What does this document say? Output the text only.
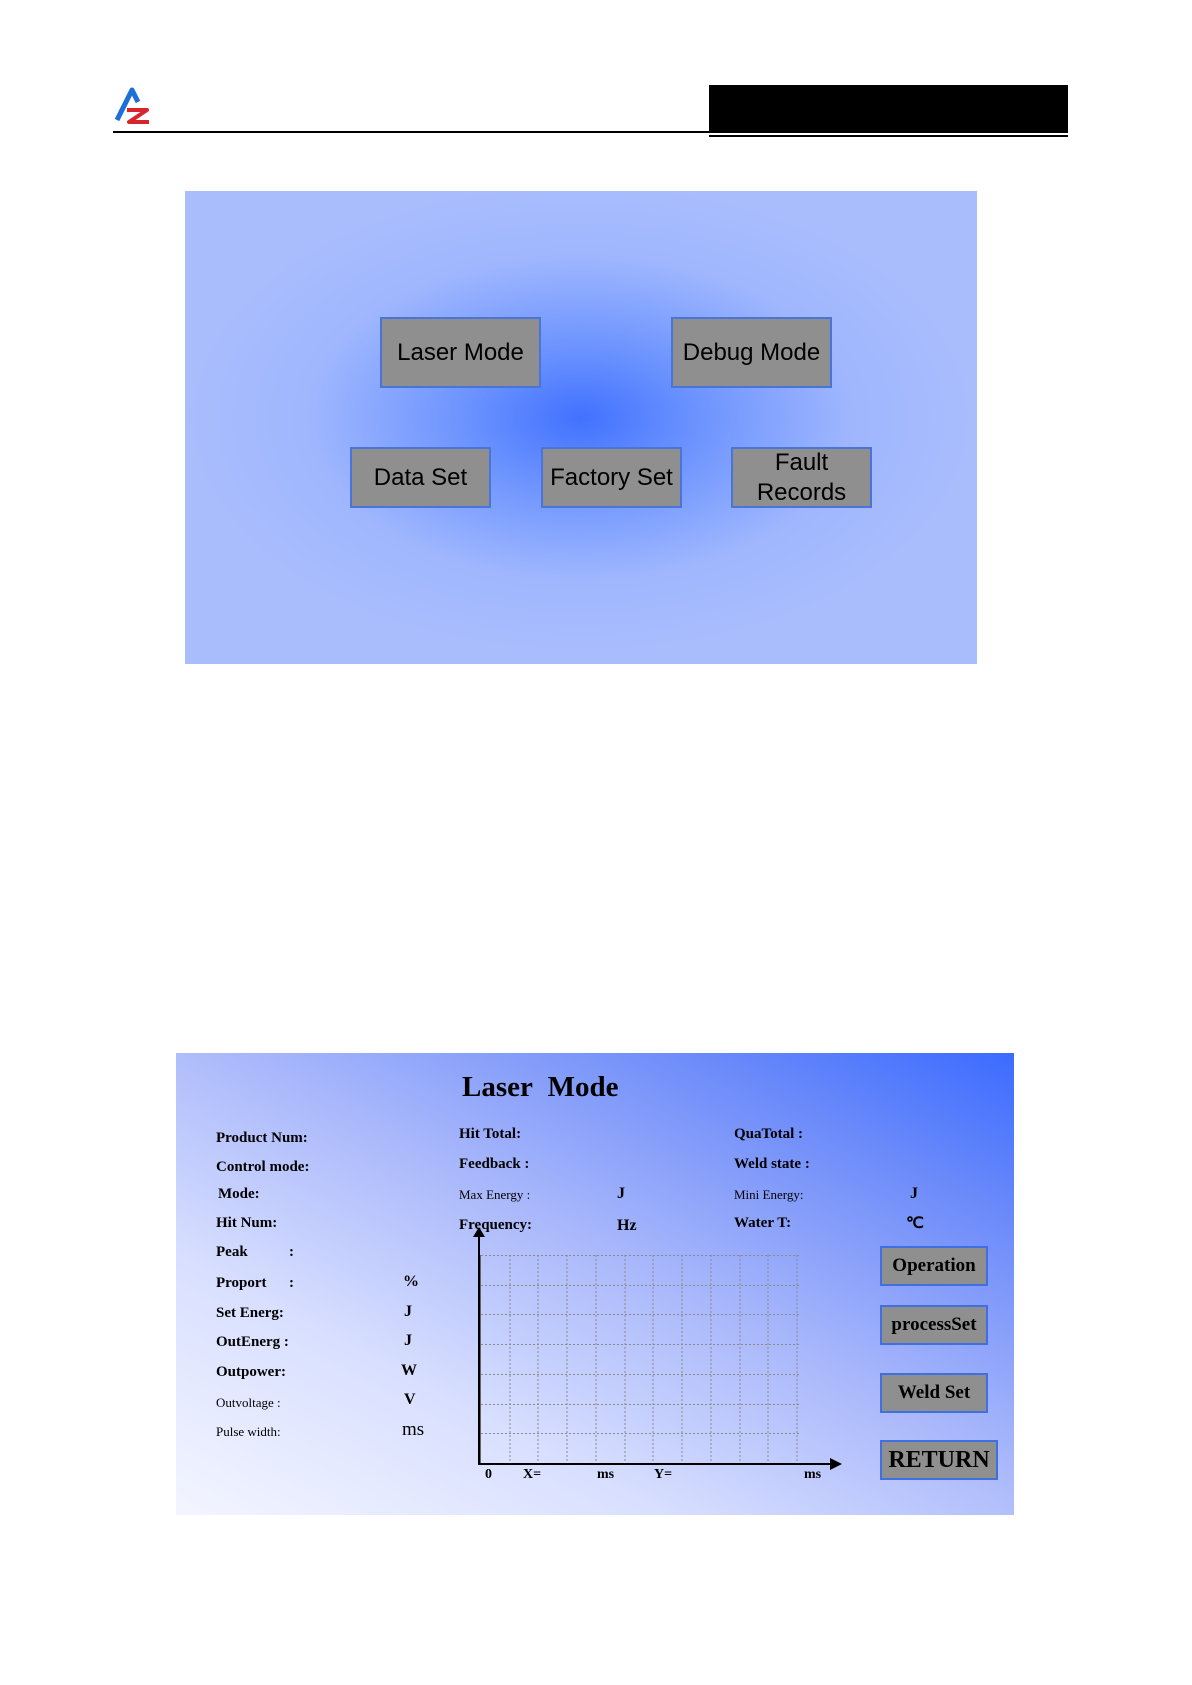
Laser Mode	Debug Mode
Data Set	Factory Set
Fault
Records
Laser Mode
Product Num:
Control mode:
Mode:
Hit Num:
Peak	:
Proport :	%
Set Energ:	J
OutEnerg :	J
Outpower:	W
Outvoltage :	V
Pulse width:	ms
Hit Total:
Feedback :
Max Energy :	J
Frequency:	Hz
QuaTotal :
Weld state :
Mini Energy:	J
Water T:	℃
0 X=	ms	Y=	ms
Operation
processSet
Weld Set
RETURN
